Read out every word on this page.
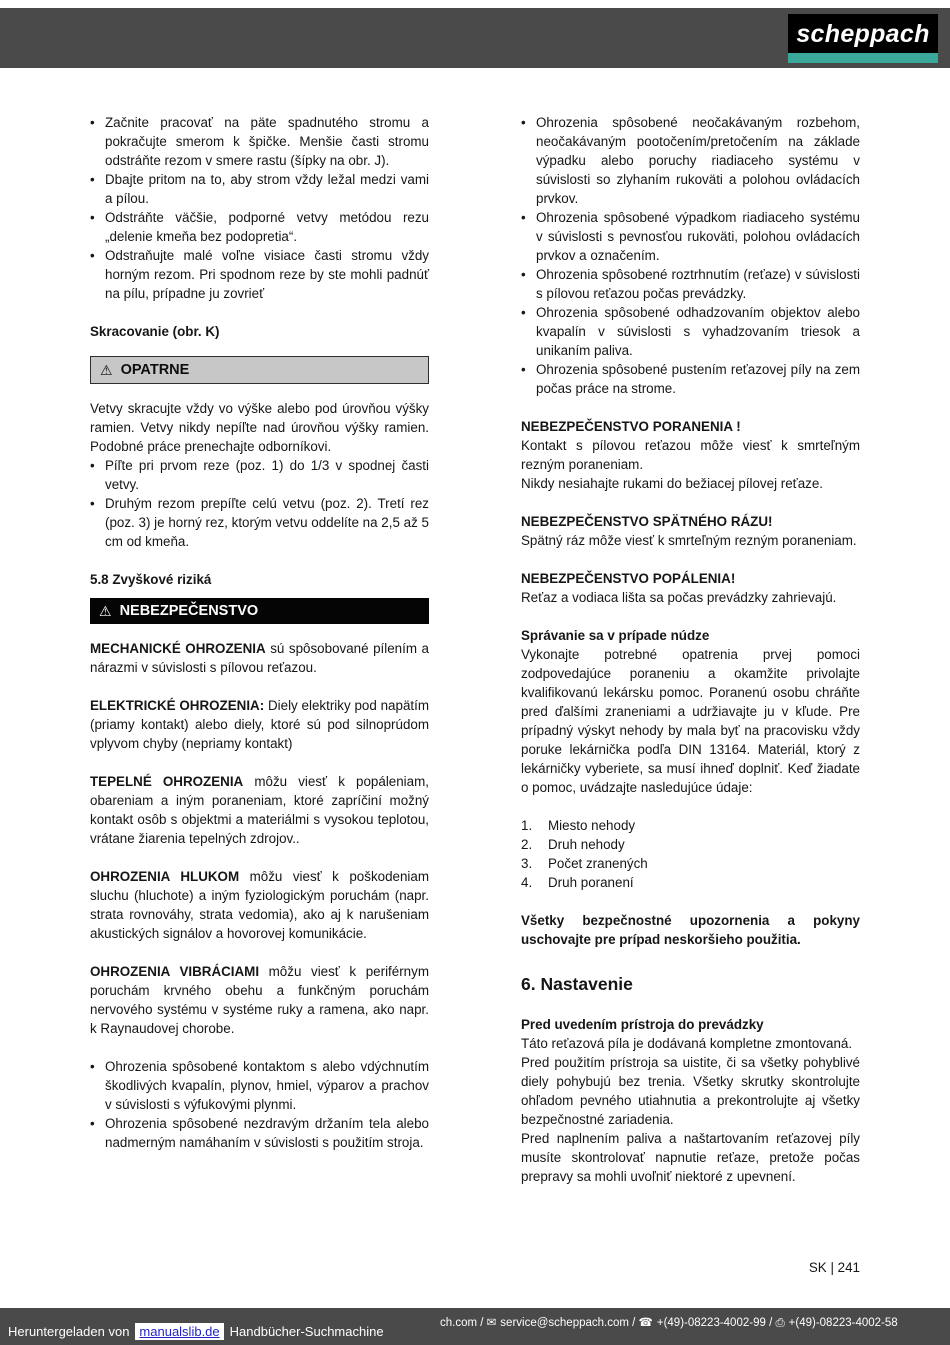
scheppach
• Začnite pracovať na päte spadnutého stromu a pokračujte smerom k špičke. Menšie časti stromu odstráňte rezom v smere rastu (šípky na obr. J).
• Dbajte pritom na to, aby strom vždy ležal medzi vami a pílou.
• Odstráňte väčšie, podporné vetvy metódou rezu „delenie kmeňa bez podopretia“.
• Odstraňujte malé voľne visiace časti stromu vždy horným rezom. Pri spodnom reze by ste mohli padnúť na pílu, prípadne ju zovrieť
Skracovanie (obr. K)
⚠ OPATRNE
Vetvy skracujte vždy vo výške alebo pod úrovňou výšky ramien. Vetvy nikdy nepíľte nad úrovňou výšky ramien. Podobné práce prenechajte odborníkovi.
• Píľte pri prvom reze (poz. 1) do 1/3 v spodnej časti vetvy.
• Druhým rezom prepíľte celú vetvu (poz. 2). Tretí rez (poz. 3) je horný rez, ktorým vetvu oddelíte na 2,5 až 5 cm od kmeňa.
5.8 Zvyškové riziká
⚠ NEBEZPEČENSTVO
MECHANICKÉ OHROZENIA sú spôsobované pílením a nárazmi v súvislosti s pílovou reťazou.
ELEKTRICKÉ OHROZENIA: Diely elektriky pod napätím (priamy kontakt) alebo diely, ktoré sú pod silnoprúdom vplyvom chyby (nepriamy kontakt)
TEPELNÉ OHROZENIA môžu viesť k popáleniam, obareniam a iným poraneniam, ktoré zapríčiní možný kontakt osôb s objektmi a materiálmi s vysokou teplotou, vrátane žiarenia tepelných zdrojov..
OHROZENIA HLUKOM môžu viesť k poškodeniam sluchu (hluchote) a iným fyziologickým poruchám (napr. strata rovnováhy, strata vedomia), ako aj k narušeniam akustických signálov a hovorovej komunikácie.
OHROZENIA VIBRÁCIAMI môžu viesť k periférnym poruchám krvného obehu a funkčným poruchám nervového systému v systéme ruky a ramena, ako napr. k Raynaudovej chorobe.
• Ohrozenia spôsobené kontaktom s alebo vdýchnutím škodlivých kvapalín, plynov, hmiel, výparov a prachov v súvislosti s výfukovými plynmi.
• Ohrozenia spôsobené nezdravým držaním tela alebo nadmerným namáhaním v súvislosti s použitím stroja.
• Ohrozenia spôsobené neočakávaným rozbehom, neočakávaným pootočením/pretočením na základe výpadku alebo poruchy riadiaceho systému v súvislosti so zlyhaním rukoväti a polohou ovládacích prvkov.
• Ohrozenia spôsobené výpadkom riadiaceho systému v súvislosti s pevnosťou rukoväti, polohou ovládacích prvkov a označením.
• Ohrozenia spôsobené roztrhnutím (reťaze) v súvislosti s pílovou reťazou počas prevádzky.
• Ohrozenia spôsobené odhadzovaním objektov alebo kvapalín v súvislosti s vyhadzovaním triesok a unikaním paliva.
• Ohrozenia spôsobené pustením reťazovej píly na zem počas práce na strome.
NEBEZPEČENSTVO PORANENIA !
Kontakt s pílovou reťazou môže viesť k smrteľným rezným poraneniam.
Nikdy nesiahajte rukami do bežiacej pílovej reťaze.
NEBEZPEČENSTVO SPÄTNÉHO RÁZU!
Spätný ráz môže viesť k smrteľným rezným poraneniam.
NEBEZPEČENSTVO POPÁLENIA!
Reťaz a vodiaca lišta sa počas prevádzky zahrievajú.
Správanie sa v prípade núdze
Vykonajte potrebné opatrenia prvej pomoci zodpovedajúce poraneniu a okamžite privolajte kvalifikovanú lekársku pomoc. Poranenú osobu chráňte pred ďalšími zraneniami a udržiavajte ju v kľude. Pre prípadný výskyt nehody by mala byť na pracovisku vždy poruke lekárnička podľa DIN 13164. Materiál, ktorý z lekárničky vyberiete, sa musí ihneď doplniť. Keď žiadate o pomoc, uvádzajte nasledujúce údaje:
1.	Miesto nehody
2.	Druh nehody
3.	Počet zranených
4.	Druh poranení
Všetky bezpečnostné upozornenia a pokyny uschovajte pre prípad neskoršieho použitia.
6. Nastavenie
Pred uvedením prístroja do prevádzky
Táto reťazová píla je dodávaná kompletne zmontovaná.
Pred použitím prístroja sa uistite, či sa všetky pohyblivé diely pohybujú bez trenia. Všetky skrutky skontrolujte ohľadom pevného utiahnutia a prekontrolujte aj všetky bezpečnostné zariadenia.
Pred naplnením paliva a naštartovaním reťazovej píly musíte skontrolovať napnutie reťaze, pretože počas prepravy sa mohli uvoľniť niektoré z upevnení.
SK | 241
ch.com / ✉ service@scheppach.com / ☎ +(49)-08223-4002-99 / ⎙ +(49)-08223-4002-58
Heruntergeladen von manualslib.de Handbücher-Suchmachine
